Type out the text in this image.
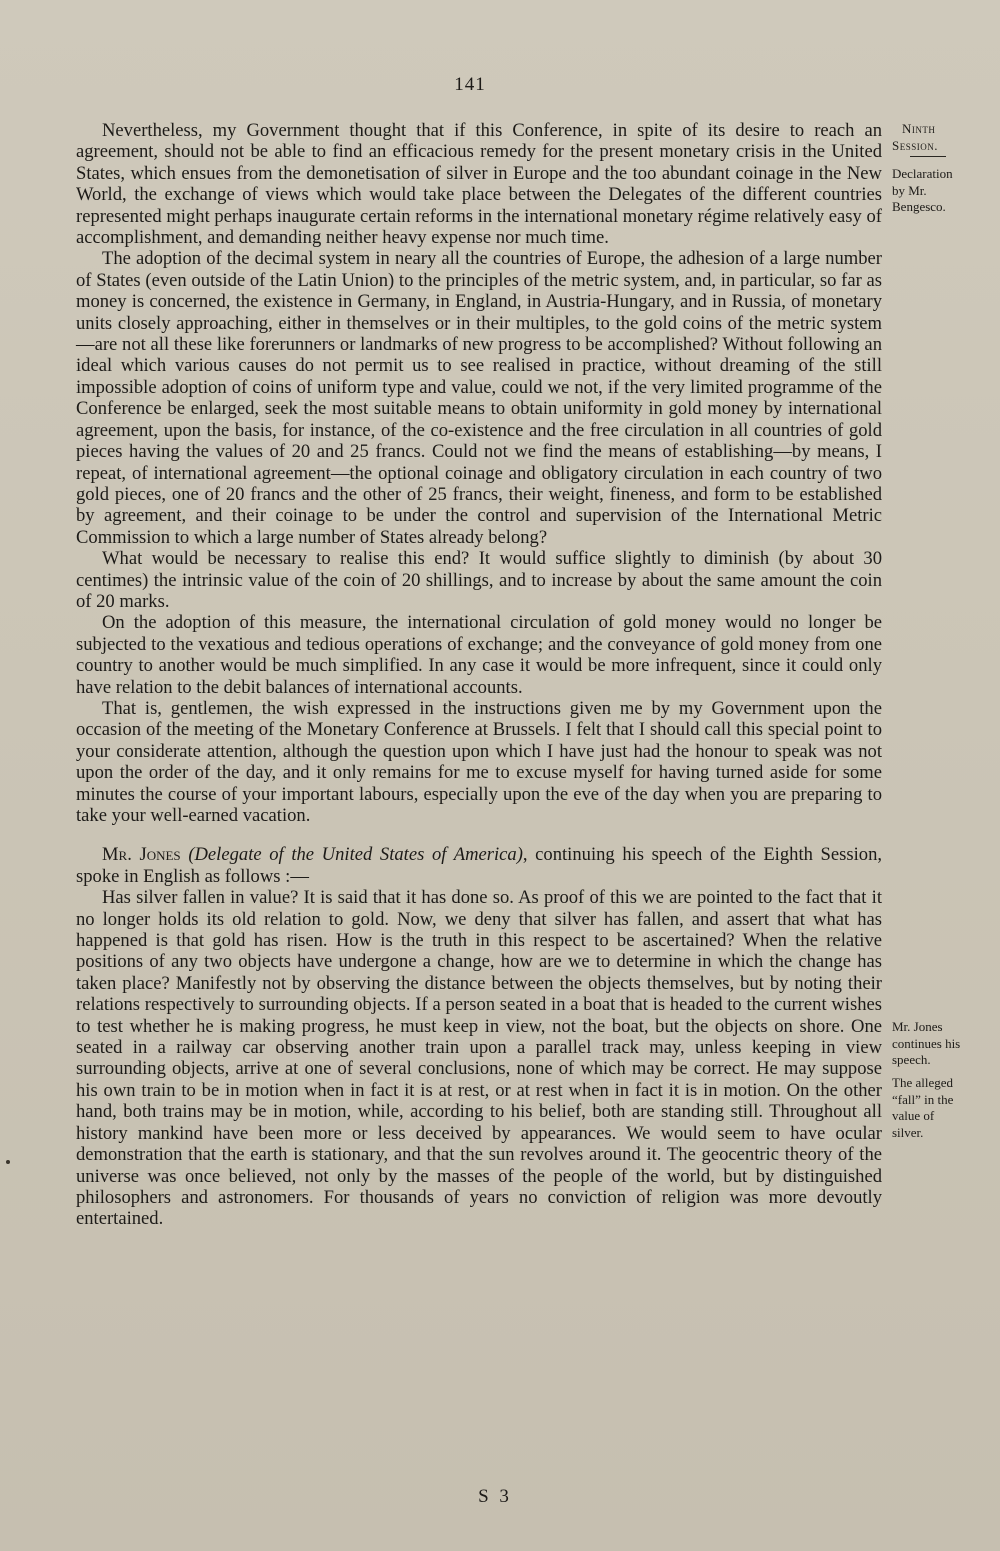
141
Ninth
Session.
Declaration
by Mr.
Bengesco.
Mr. Jones
continues his
speech.
The alleged
“fall” in the
value of
silver.

Nevertheless, my Government thought that if this Conference, in spite of its desire to reach an agreement, should not be able to find an efficacious remedy for the present monetary crisis in the United States, which ensues from the demonetisation of silver in Europe and the too abundant coinage in the New World, the exchange of views which would take place between the Delegates of the different countries represented might perhaps inaugurate certain reforms in the international monetary régime relatively easy of accomplishment, and demanding neither heavy expense nor much time.

The adoption of the decimal system in neary all the countries of Europe, the adhesion of a large number of States (even outside of the Latin Union) to the principles of the metric system, and, in particular, so far as money is concerned, the existence in Germany, in England, in Austria-Hungary, and in Russia, of monetary units closely approaching, either in themselves or in their multiples, to the gold coins of the metric system—are not all these like forerunners or landmarks of new progress to be accomplished? Without following an ideal which various causes do not permit us to see realised in practice, without dreaming of the still impossible adoption of coins of uniform type and value, could we not, if the very limited programme of the Conference be enlarged, seek the most suitable means to obtain uniformity in gold money by international agreement, upon the basis, for instance, of the co-existence and the free circulation in all countries of gold pieces having the values of 20 and 25 francs. Could not we find the means of establishing—by means, I repeat, of international agreement—the optional coinage and obligatory circulation in each country of two gold pieces, one of 20 francs and the other of 25 francs, their weight, fineness, and form to be established by agreement, and their coinage to be under the control and supervision of the International Metric Commission to which a large number of States already belong?

What would be necessary to realise this end? It would suffice slightly to diminish (by about 30 centimes) the intrinsic value of the coin of 20 shillings, and to increase by about the same amount the coin of 20 marks.

On the adoption of this measure, the international circulation of gold money would no longer be subjected to the vexatious and tedious operations of exchange; and the conveyance of gold money from one country to another would be much simplified. In any case it would be more infrequent, since it could only have relation to the debit balances of international accounts.

That is, gentlemen, the wish expressed in the instructions given me by my Government upon the occasion of the meeting of the Monetary Conference at Brussels. I felt that I should call this special point to your considerate attention, although the question upon which I have just had the honour to speak was not upon the order of the day, and it only remains for me to excuse myself for having turned aside for some minutes the course of your important labours, especially upon the eve of the day when you are preparing to take your well-earned vacation.

Mr. Jones (Delegate of the United States of America), continuing his speech of the Eighth Session, spoke in English as follows :—

Has silver fallen in value? It is said that it has done so. As proof of this we are pointed to the fact that it no longer holds its old relation to gold. Now, we deny that silver has fallen, and assert that what has happened is that gold has risen. How is the truth in this respect to be ascertained? When the relative positions of any two objects have undergone a change, how are we to determine in which the change has taken place? Manifestly not by observing the distance between the objects themselves, but by noting their relations respectively to surrounding objects. If a person seated in a boat that is headed to the current wishes to test whether he is making progress, he must keep in view, not the boat, but the objects on shore. One seated in a railway car observing another train upon a parallel track may, unless keeping in view surrounding objects, arrive at one of several conclusions, none of which may be correct. He may suppose his own train to be in motion when in fact it is at rest, or at rest when in fact it is in motion. On the other hand, both trains may be in motion, while, according to his belief, both are standing still. Throughout all history mankind have been more or less deceived by appearances. We would seem to have ocular demonstration that the earth is stationary, and that the sun revolves around it. The geocentric theory of the universe was once believed, not only by the masses of the people of the world, but by distinguished philosophers and astronomers. For thousands of years no conviction of religion was more devoutly entertained.

S 3
